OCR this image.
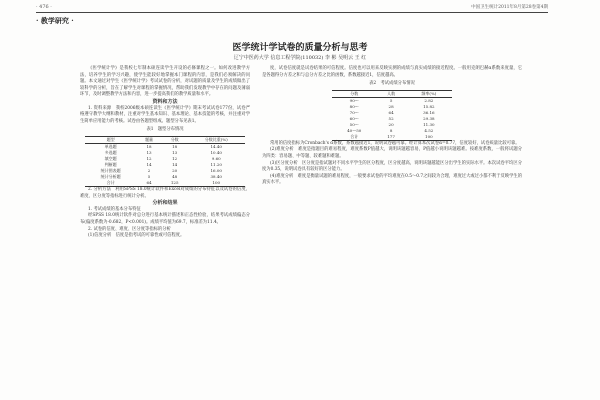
· 476 ·	中国卫生统计2011年8月第28卷第4期
· 教学研究 ·
医学统计学试卷的质量分析与思考
辽宁中医药大学 信息工程学院(110032) 李 彬 吴明云 王 红

《医学统计学》是我校七年制本硕连读学生开设的必修课程之一。如何改进教学方法，培养学生的学习兴趣，使学生能较好地掌握本门课程的内容，是我们必须解决的问题。本文通过对学生《医学统计学》考试试卷的分析，对试题的质量及学生的成绩做出了较科学的分析，旨在了解学生对课程的掌握情况，帮助我们发现教学中存在的问题及薄弱环节，及时调整教学方法和内容，进一步提高我们的教学质量和水平。

资料和方法

1. 资料来源　我校2006级本硕连读生《医学统计学》期末考试试卷177份，试卷严格遵守教学大纲和教材，注重对学生基本知识、基本理论、基本技能的考核，并注重对学生简单应用能力的考核。试卷由各题型组成。题型分布见表1。

表1　题型分布情况
题型	题量	分数	分数比重(%)
单选题	18	18	14.40
多选题	13	13	10.40
填空题	12	12	9.60
判断题	14	14	11.20
统计图表题	2	20	16.00
统计分析题	5	48	38.40
合计	64	125	100

2. 分析方法　利用SPSS 18.0统计软件和Excel对成绩的分布特征以及试卷的信度、难度、区分度等指标进行统计分析。

分析和结果

1. 考试成绩的基本分布特征

经SPSS 18.0统计软件对总分进行基本统计描述和正态性检验，结果考试成绩偏态分布(偏度系数为-0.682，P<0.001)。成绩平均值为69.7，标准差为11.4。

2. 试卷的信度、难度、区分度等指标的分析

(1)信度分析　信度是指考试的可靠性或可信程度。

度，试卷信度就是试卷结果的可信程度。信度也可以用来反映实测的成绩与真实成绩的接近程度。一般用克朗巴赫α系数来度量，它是各题得分方差之和与总分方差之比的函数，系数越接近1，信度越高。

表2　考试成绩分布情况
分数	人数	频率(%)
90～	5	2.82
80～	28	15.82
70～	64	36.16
60～	52	29.38
50～	20	11.30
40～50	8	4.52
合计	177	100

常用的信度指标为Cronbach's α系数，系数越接近1，说明试卷越可靠。经计算本次试卷α=0.77，信度较好，试卷质量比较可靠。

(2)难度分析　难度是指题目的难易程度，难度系数P值越大，说明该题越容易，P值越小说明该题越难。按难度系数，一般将试题分为四类：容易题、中等题、较难题和难题。

(3)区分度分析　区分度是指试题对不同水平学生的区分程度，区分度越高，说明该题越能区分出学生的实际水平。本次试卷平均区分度为0.35，说明试卷具有较好的区分能力。

(4)难度分析　难度是衡量试题的难易程度，一般要求试卷的平均难度在0.5～0.7之间较为合理，难度过大或过小都不利于反映学生的真实水平。
